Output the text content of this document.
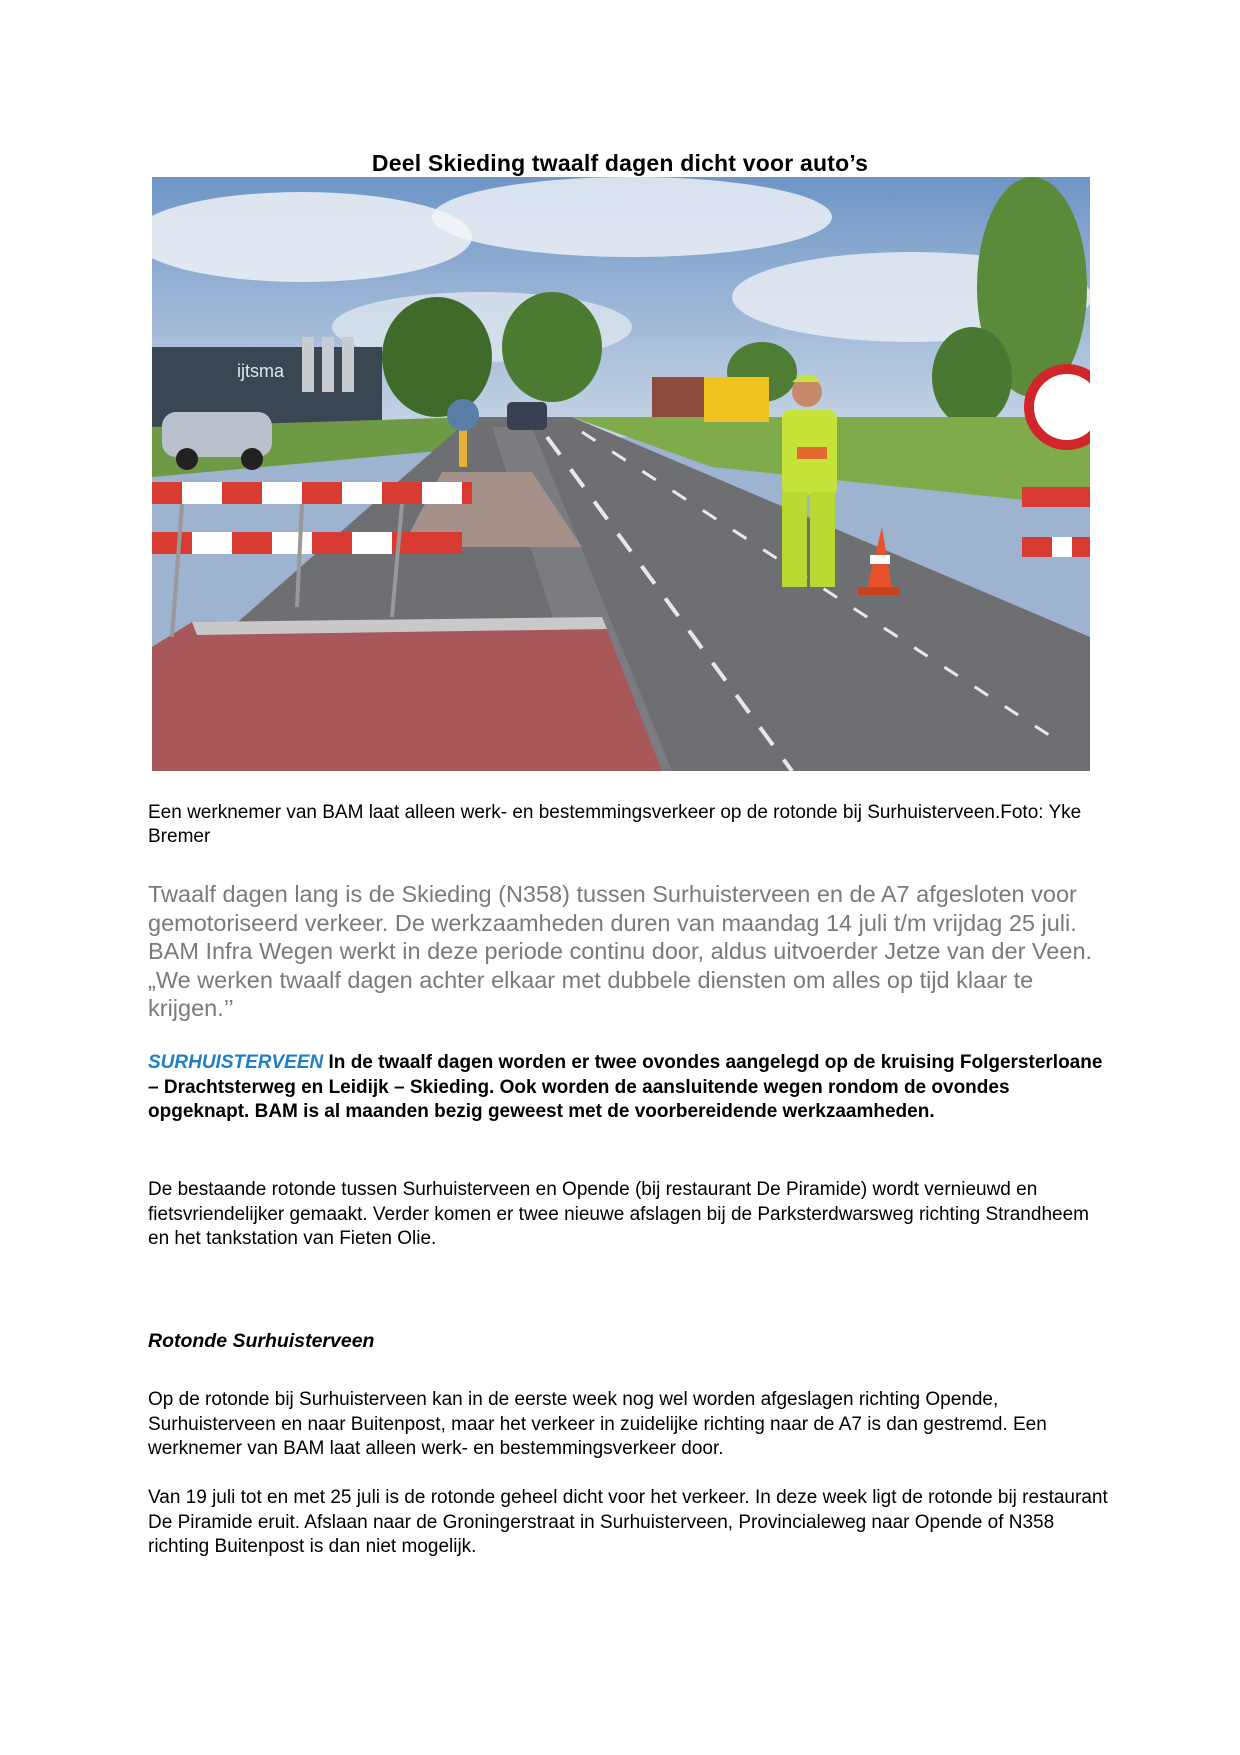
Deel Skieding twaalf dagen dicht voor auto’s
ijtsma

Een werknemer van BAM laat alleen werk- en bestemmingsverkeer op de rotonde bij Surhuisterveen.Foto: Yke Bremer

Twaalf dagen lang is de Skieding (N358) tussen Surhuisterveen en de A7 afgesloten voor gemotoriseerd verkeer. De werkzaamheden duren van maandag 14 juli t/m vrijdag 25 juli. BAM Infra Wegen werkt in deze periode continu door, aldus uitvoerder Jetze van der Veen. „We werken twaalf dagen achter elkaar met dubbele diensten om alles op tijd klaar te krijgen.’’

SURHUISTERVEEN In de twaalf dagen worden er twee ovondes aangelegd op de kruising Folgersterloane – Drachtsterweg en Leidijk – Skieding. Ook worden de aansluitende wegen rondom de ovondes opgeknapt. BAM is al maanden bezig geweest met de voorbereidende werkzaamheden.

De bestaande rotonde tussen Surhuisterveen en Opende (bij restaurant De Piramide) wordt vernieuwd en fietsvriendelijker gemaakt. Verder komen er twee nieuwe afslagen bij de Parksterdwarsweg richting Strandheem en het tankstation van Fieten Olie.

Rotonde Surhuisterveen

Op de rotonde bij Surhuisterveen kan in de eerste week nog wel worden afgeslagen richting Opende, Surhuisterveen en naar Buitenpost, maar het verkeer in zuidelijke richting naar de A7 is dan gestremd. Een werknemer van BAM laat alleen werk- en bestemmingsverkeer door.

Van 19 juli tot en met 25 juli is de rotonde geheel dicht voor het verkeer. In deze week ligt de rotonde bij restaurant De Piramide eruit. Afslaan naar de Groningerstraat in Surhuisterveen, Provincialeweg naar Opende of N358 richting Buitenpost is dan niet mogelijk.
